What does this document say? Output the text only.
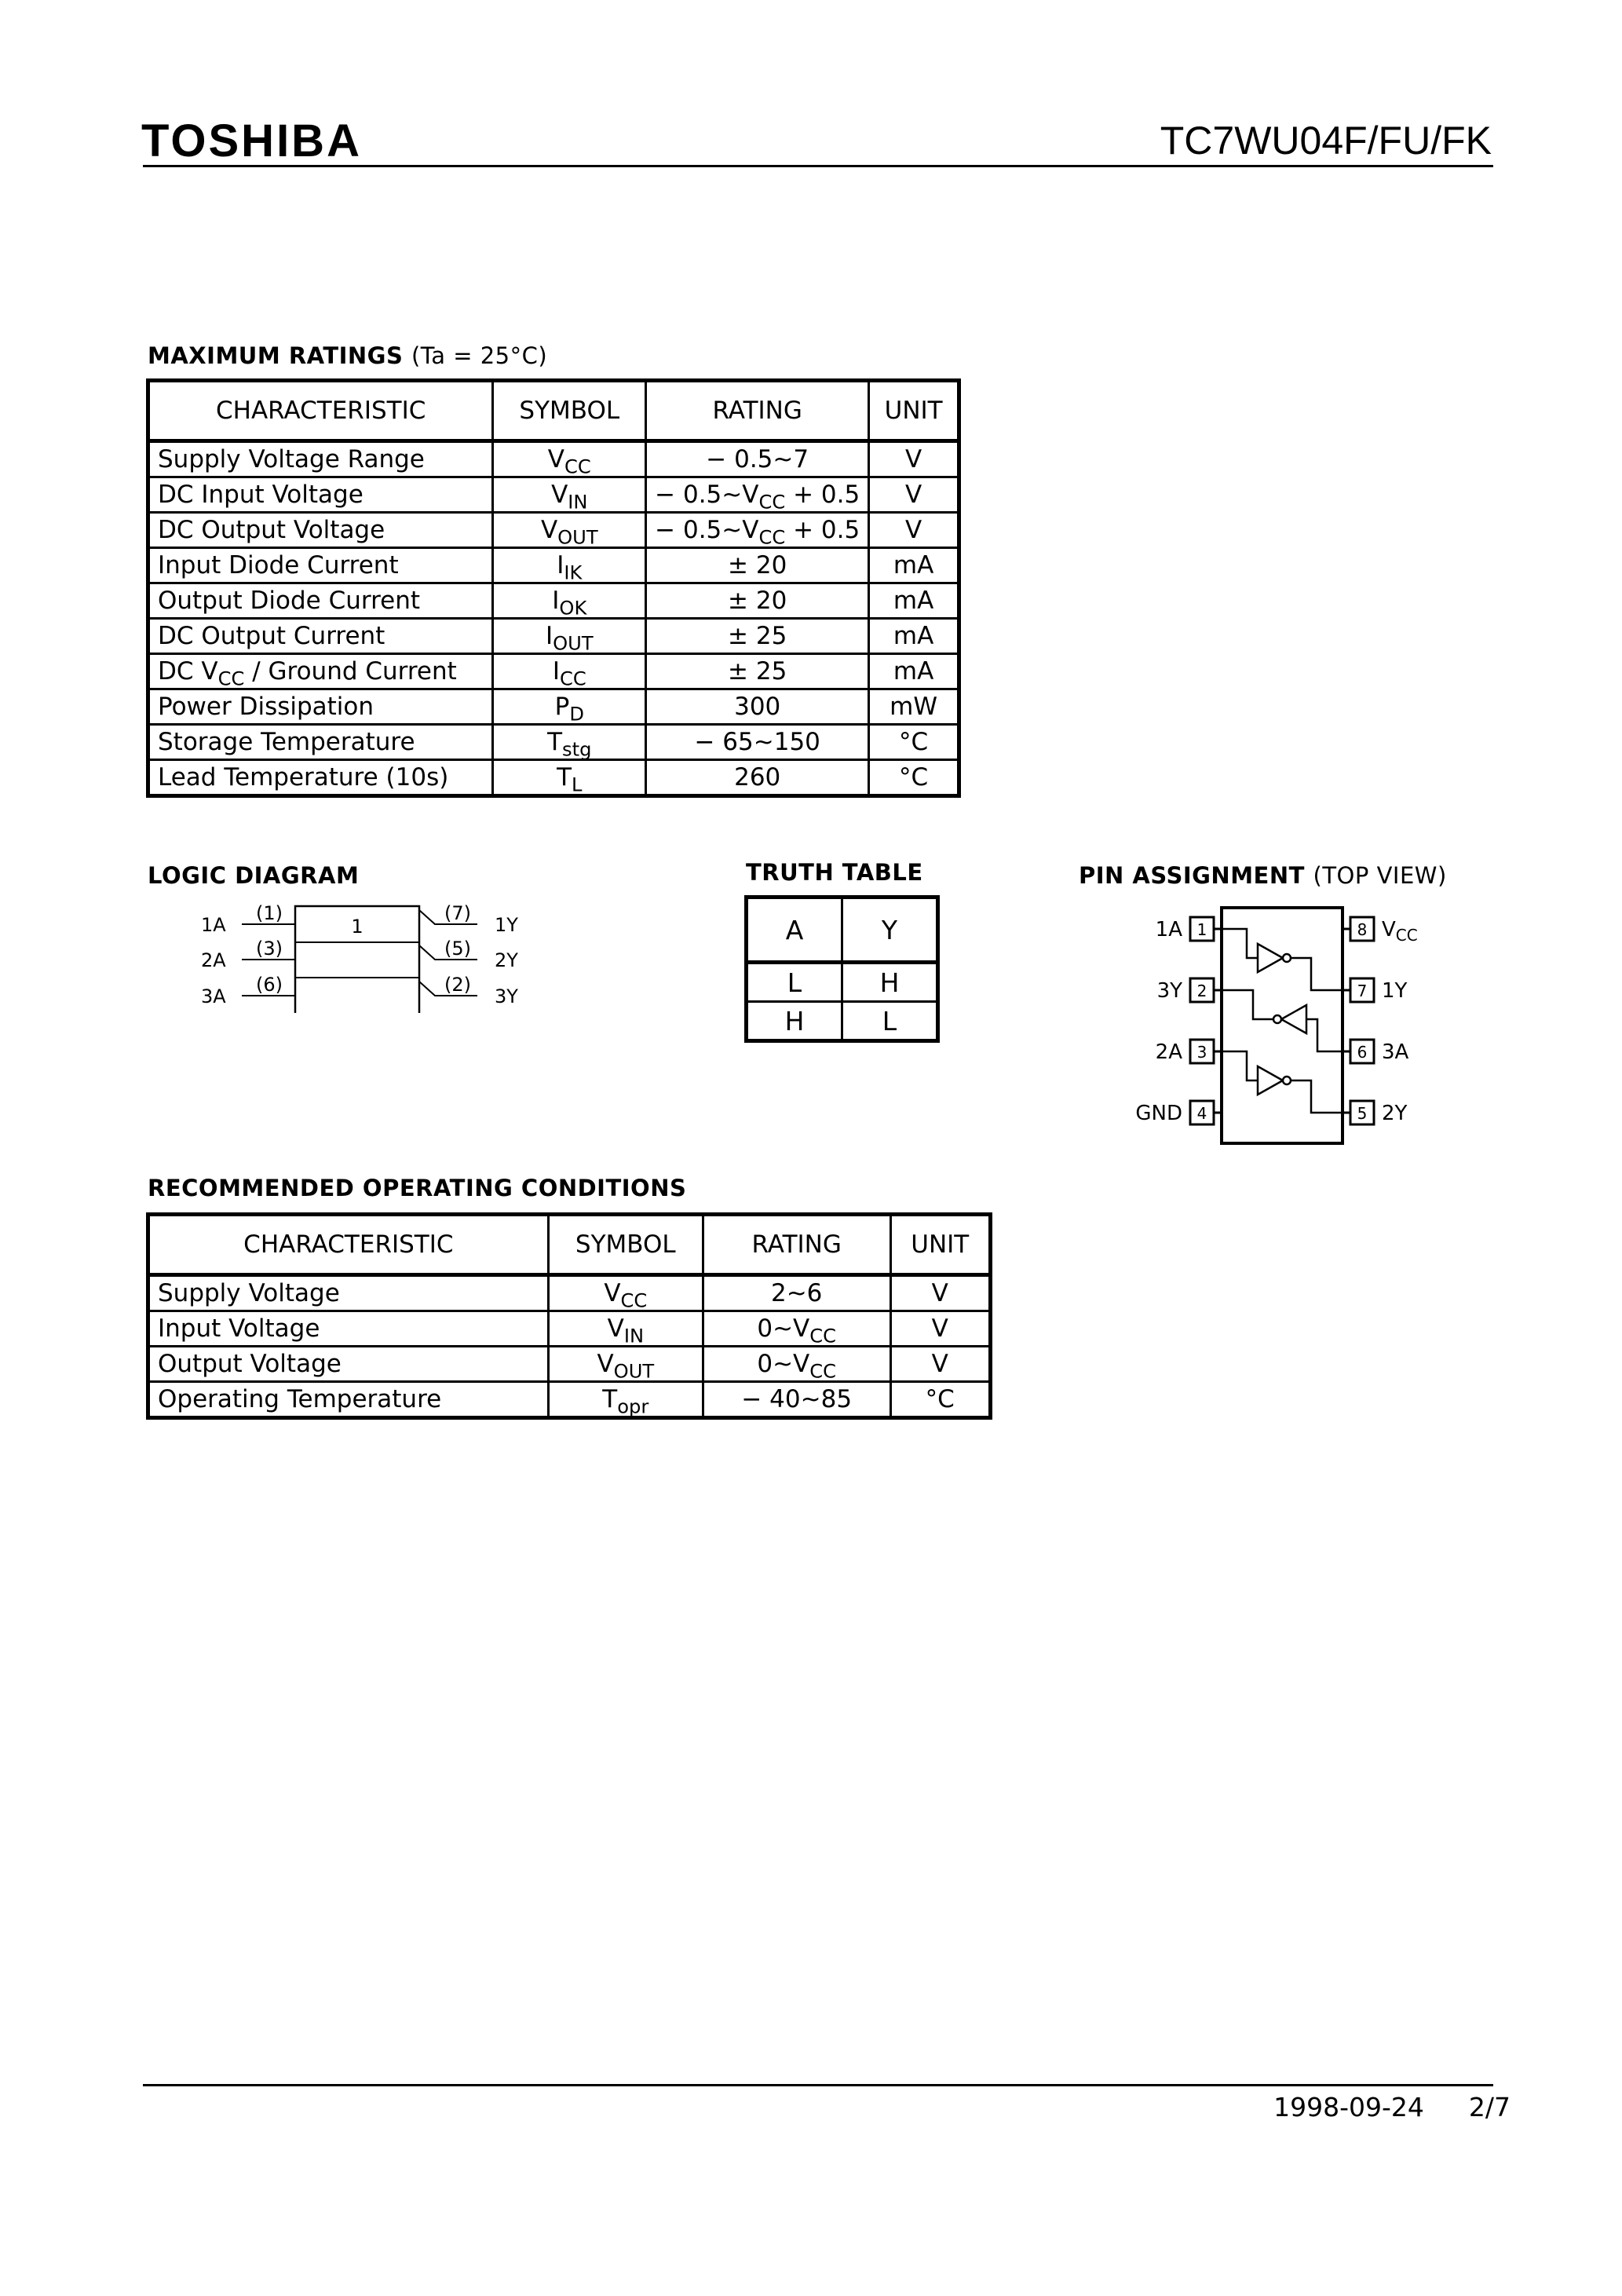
TOSHIBA	TC7WU04F/FU/FK
MAXIMUM RATINGS (Ta = 25°C)
CHARACTERISTIC	SYMBOL	RATING	UNIT
Supply Voltage Range	$V_{CC}$	− 0.5~7	V
DC Input Voltage	$V_{IN}$	− $0.5\sim V_{CC} + 0.5$	V
DC Output Voltage	$V_{OUT}$	− $0.5\sim V_{CC} + 0.5$	V
Input Diode Current	$I_{IK}$	± 20	mA
Output Diode Current	$I_{OK}$	± 20	mA
DC Output Current	$I_{OUT}$	± 25	mA
DC $V_{CC}$ / Ground Current	$I_{CC}$	± 25	mA
Power Dissipation	$P_D$	300	mW
Storage Temperature	$T_{stg}$	− 65~150	°C
Lead Temperature (10s)	$T_L$	260	°C
LOGIC DIAGRAM
1
1A
2A
3A
(1)
(3)
(6)
(7)
(5)
(2)
1Y
2Y
3Y
TRUTH TABLE
A	Y
L	H
H	L
PIN ASSIGNMENT (TOP VIEW)
1
2
3
4
8
7
6
5
1A
3Y
2A
GND
$V_{CC}$
1Y
3A
2Y
RECOMMENDED OPERATING CONDITIONS
CHARACTERISTIC	SYMBOL	RATING	UNIT
Supply Voltage	$V_{CC}$	2~6	V
Input Voltage	$V_{IN}$	$0\sim V_{CC}$	V
Output Voltage	$V_{OUT}$	$0\sim V_{CC}$	V
Operating Temperature	$T_{opr}$	− 40~85	°C
1998-09-24 2/7
